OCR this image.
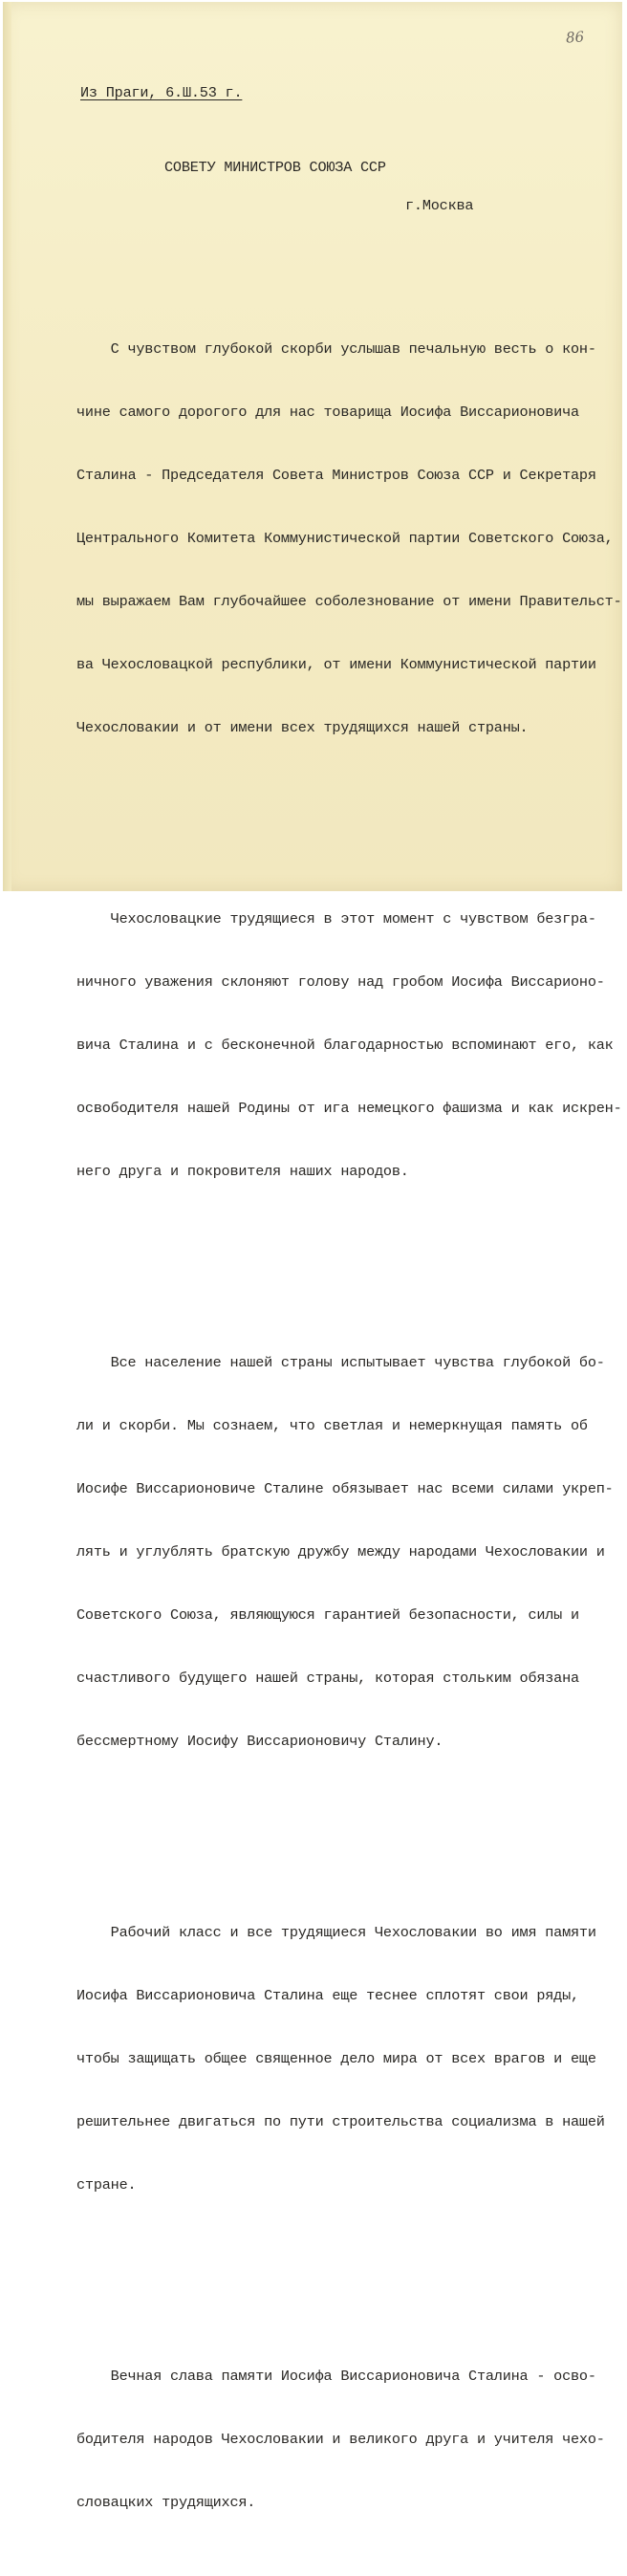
86
Из Праги, 6.Ш.53 г.
СОВЕТУ МИНИСТРОВ СОЮЗА ССР
г.Москва

С чувством глубокой скорби услышав печальную весть о кон-

чине самого дорогого для нас товарища Иосифа Виссарионовича

Сталина - Председателя Совета Министров Союза ССР и Секретаря

Центрального Комитета Коммунистической партии Советского Союза,

мы выражаем Вам глубочайшее соболезнование от имени Правительст-

ва Чехословацкой республики, от имени Коммунистической партии

Чехословакии и от имени всех трудящихся нашей страны.

Чехословацкие трудящиеся в этот момент с чувством безгра-

ничного уважения склоняют голову над гробом Иосифа Виссарионо-

вича Сталина и с бесконечной благодарностью вспоминают его, как

освободителя нашей Родины от ига немецкого фашизма и как искрен-

него друга и покровителя наших народов.

Все население нашей страны испытывает чувства глубокой бо-

ли и скорби. Мы сознаем, что светлая и немеркнущая память об

Иосифе Виссарионовиче Сталине обязывает нас всеми силами укреп-

лять и углублять братскую дружбу между народами Чехословакии и

Советского Союза, являющуюся гарантией безопасности, силы и

счастливого будущего нашей страны, которая стольким обязана

бессмертному Иосифу Виссарионовичу Сталину.

Рабочий класс и все трудящиеся Чехословакии во имя памяти

Иосифа Виссарионовича Сталина еще теснее сплотят свои ряды,

чтобы защищать общее священное дело мира от всех врагов и еще

решительнее двигаться по пути строительства социализма в нашей

стране.

Вечная слава памяти Иосифа Виссарионовича Сталина - осво-

бодителя народов Чехословакии и великого друга и учителя чехо-

словацких трудящихся.
